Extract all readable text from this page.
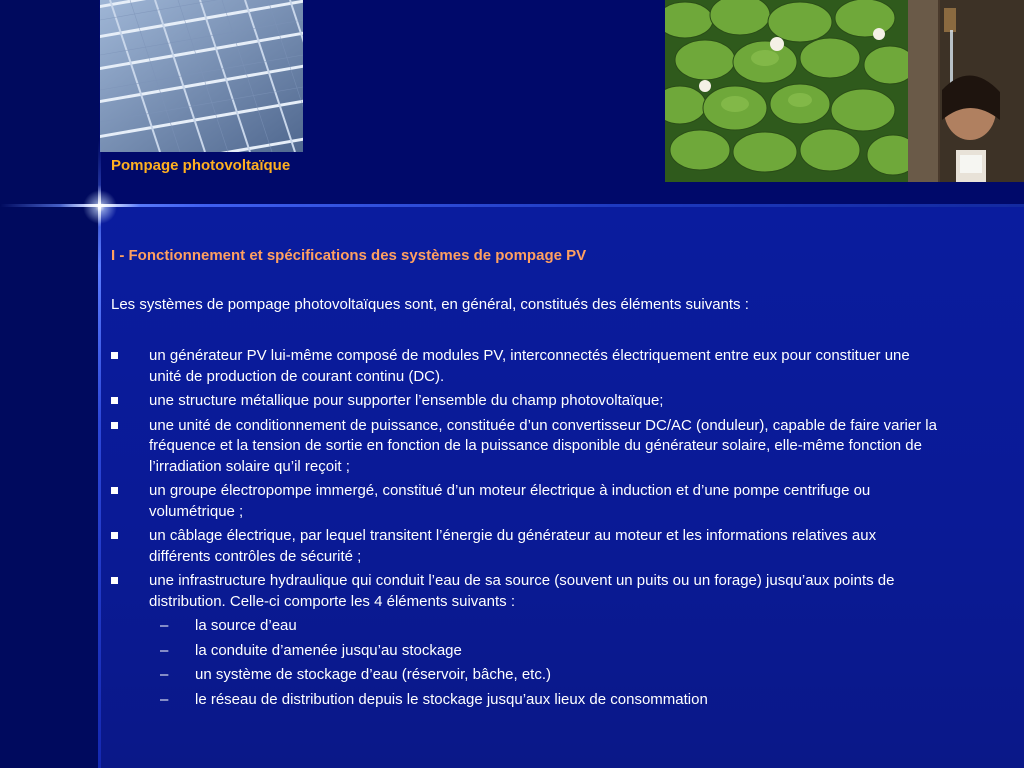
Pompage photovoltaïque
I - Fonctionnement et spécifications des systèmes de pompage PV
Les systèmes de pompage photovoltaïques sont, en général, constitués des éléments suivants :
un générateur PV lui-même composé de modules PV, interconnectés électriquement entre eux pour constituer une
unité de production de courant continu (DC).
une structure métallique pour supporter l’ensemble du champ photovoltaïque;
une unité de conditionnement de puissance, constituée d’un convertisseur DC/AC (onduleur), capable de faire varier la
fréquence et la tension de sortie en fonction de la puissance disponible du générateur solaire, elle-même fonction de
l’irradiation solaire qu’il reçoit ;
un groupe électropompe immergé, constitué d’un moteur électrique à induction et d’une pompe centrifuge ou
volumétrique ;
un câblage électrique, par lequel transitent l’énergie du générateur au moteur et les informations relatives aux
différents contrôles de sécurité ;
une infrastructure hydraulique qui conduit l’eau de sa source (souvent un puits ou un forage) jusqu’aux points de
distribution. Celle-ci comporte les 4 éléments suivants :
– la source d’eau
– la conduite d’amenée jusqu’au stockage
– un système de stockage d’eau (réservoir, bâche, etc.)
– le réseau de distribution depuis le stockage jusqu’aux lieux de consommation
